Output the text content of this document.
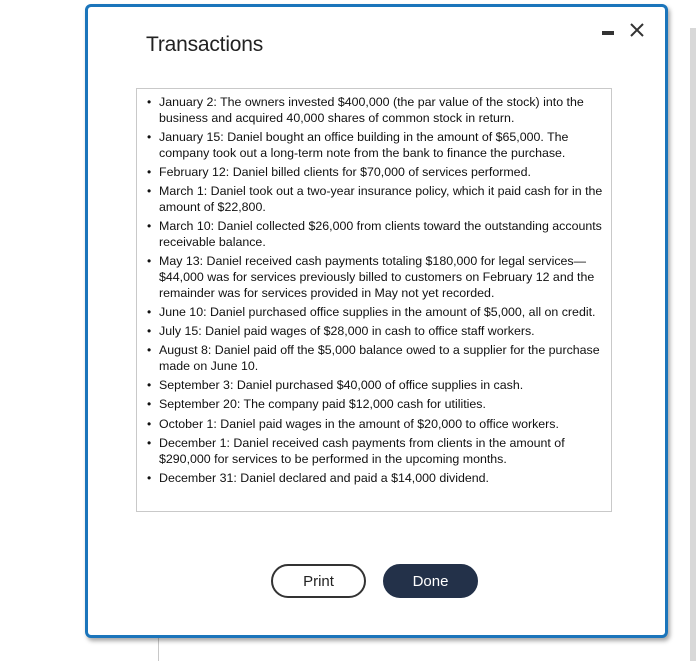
Transactions
• January 2: The owners invested $400,000 (the par value of the stock) into the business and acquired 40,000 shares of common stock in return.
• January 15: Daniel bought an office building in the amount of $65,000. The company took out a long-term note from the bank to finance the purchase.
• February 12: Daniel billed clients for $70,000 of services performed.
• March 1: Daniel took out a two-year insurance policy, which it paid cash for in the amount of $22,800.
• March 10: Daniel collected $26,000 from clients toward the outstanding accounts receivable balance.
• May 13: Daniel received cash payments totaling $180,000 for legal services—$44,000 was for services previously billed to customers on February 12 and the remainder was for services provided in May not yet recorded.
• June 10: Daniel purchased office supplies in the amount of $5,000, all on credit.
• July 15: Daniel paid wages of $28,000 in cash to office staff workers.
• August 8: Daniel paid off the $5,000 balance owed to a supplier for the purchase made on June 10.
• September 3: Daniel purchased $40,000 of office supplies in cash.
• September 20: The company paid $12,000 cash for utilities.
• October 1: Daniel paid wages in the amount of $20,000 to office workers.
• December 1: Daniel received cash payments from clients in the amount of $290,000 for services to be performed in the upcoming months.
• December 31: Daniel declared and paid a $14,000 dividend.
Print	Done
